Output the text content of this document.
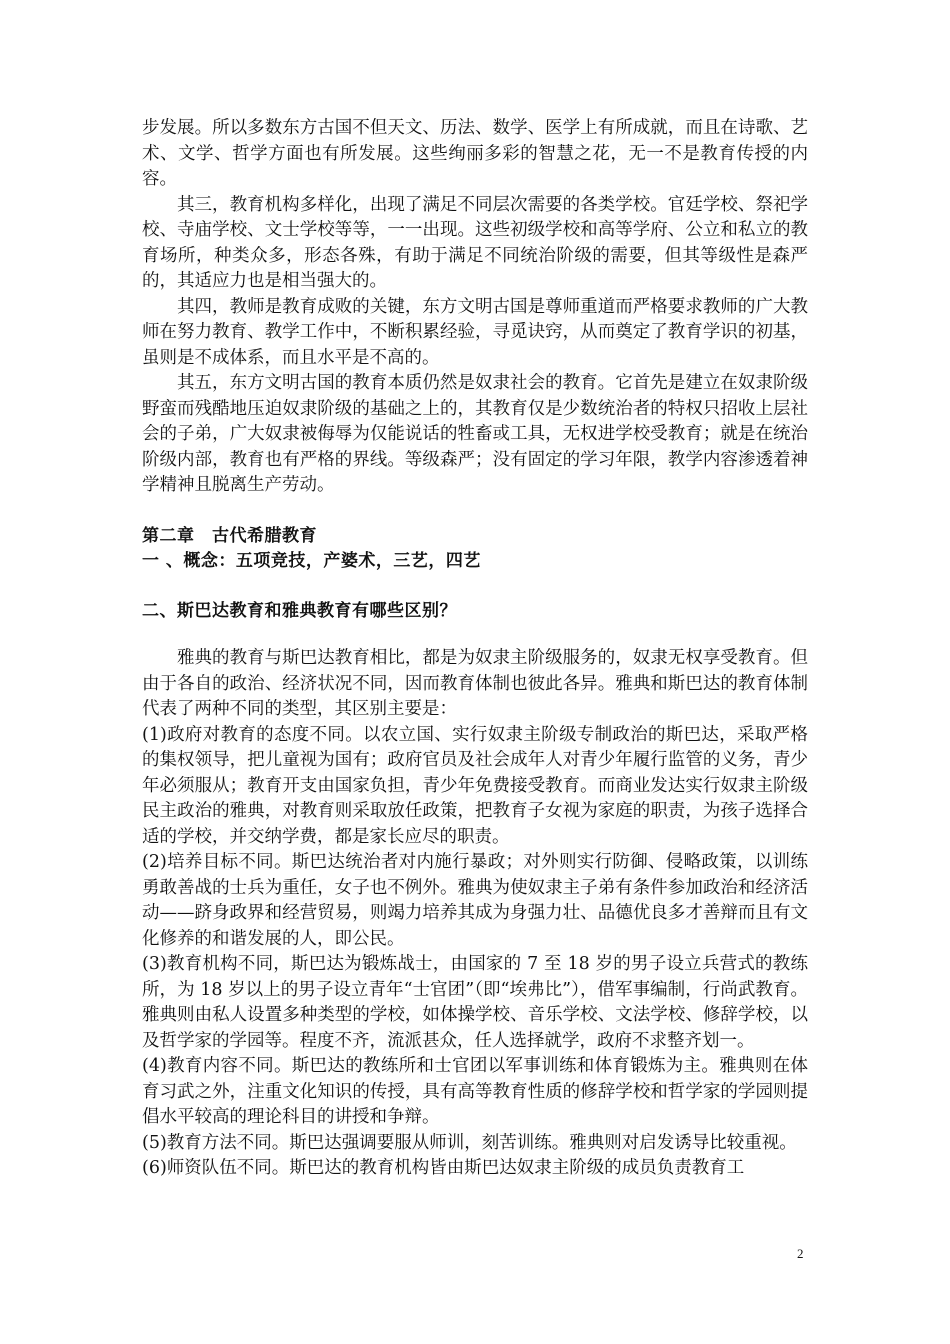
步发展。所以多数东方古国不但天文、历法、数学、医学上有所成就，而且在诗歌、艺术、文学、哲学方面也有所发展。这些绚丽多彩的智慧之花，无一不是教育传授的内容。

其三，教育机构多样化，出现了满足不同层次需要的各类学校。官廷学校、祭祀学校、寺庙学校、文士学校等等，一一出现。这些初级学校和高等学府、公立和私立的教育场所，种类众多，形态各殊，有助于满足不同统治阶级的需要，但其等级性是森严的，其适应力也是相当强大的。

其四，教师是教育成败的关键，东方文明古国是尊师重道而严格要求教师的广大教师在努力教育、教学工作中，不断积累经验，寻觅诀窍，从而奠定了教育学识的初基，虽则是不成体系，而且水平是不高的。

其五，东方文明古国的教育本质仍然是奴隶社会的教育。它首先是建立在奴隶阶级野蛮而残酷地压迫奴隶阶级的基础之上的，其教育仅是少数统治者的特权只招收上层社会的子弟，广大奴隶被侮辱为仅能说话的牲畜或工具，无权进学校受教育；就是在统治阶级内部，教育也有严格的界线。等级森严；没有固定的学习年限，教学内容渗透着神学精神且脱离生产劳动。

第二章　古代希腊教育

一 、概念：五项竞技，产婆术，三艺，四艺

二、斯巴达教育和雅典教育有哪些区别？

雅典的教育与斯巴达教育相比，都是为奴隶主阶级服务的，奴隶无权享受教育。但由于各自的政治、经济状况不同，因而教育体制也彼此各异。雅典和斯巴达的教育体制代表了两种不同的类型，其区别主要是：

(1)政府对教育的态度不同。以农立国、实行奴隶主阶级专制政治的斯巴达，采取严格的集权领导，把儿童视为国有；政府官员及社会成年人对青少年履行监管的义务，青少年必须服从；教育开支由国家负担，青少年免费接受教育。而商业发达实行奴隶主阶级民主政治的雅典，对教育则采取放任政策，把教育子女视为家庭的职责，为孩子选择合适的学校，并交纳学费，都是家长应尽的职责。

(2)培养目标不同。斯巴达统治者对内施行暴政；对外则实行防御、侵略政策，以训练勇敢善战的士兵为重任，女子也不例外。雅典为使奴隶主子弟有条件参加政治和经济活动——跻身政界和经营贸易，则竭力培养其成为身强力壮、品德优良多才善辩而且有文化修养的和谐发展的人，即公民。

(3)教育机构不同，斯巴达为锻炼战士，由国家的 7 至 18 岁的男子设立兵营式的教练所，为 18 岁以上的男子设立青年“士官团”（即“埃弗比”），借军事编制，行尚武教育。雅典则由私人设置多种类型的学校，如体操学校、音乐学校、文法学校、修辞学校，以及哲学家的学园等。程度不齐，流派甚众，任人选择就学，政府不求整齐划一。

(4)教育内容不同。斯巴达的教练所和士官团以军事训练和体育锻炼为主。雅典则在体育习武之外，注重文化知识的传授，具有高等教育性质的修辞学校和哲学家的学园则提倡水平较高的理论科目的讲授和争辩。

(5)教育方法不同。斯巴达强调要服从师训，刻苦训练。雅典则对启发诱导比较重视。

(6)师资队伍不同。斯巴达的教育机构皆由斯巴达奴隶主阶级的成员负责教育工

2
